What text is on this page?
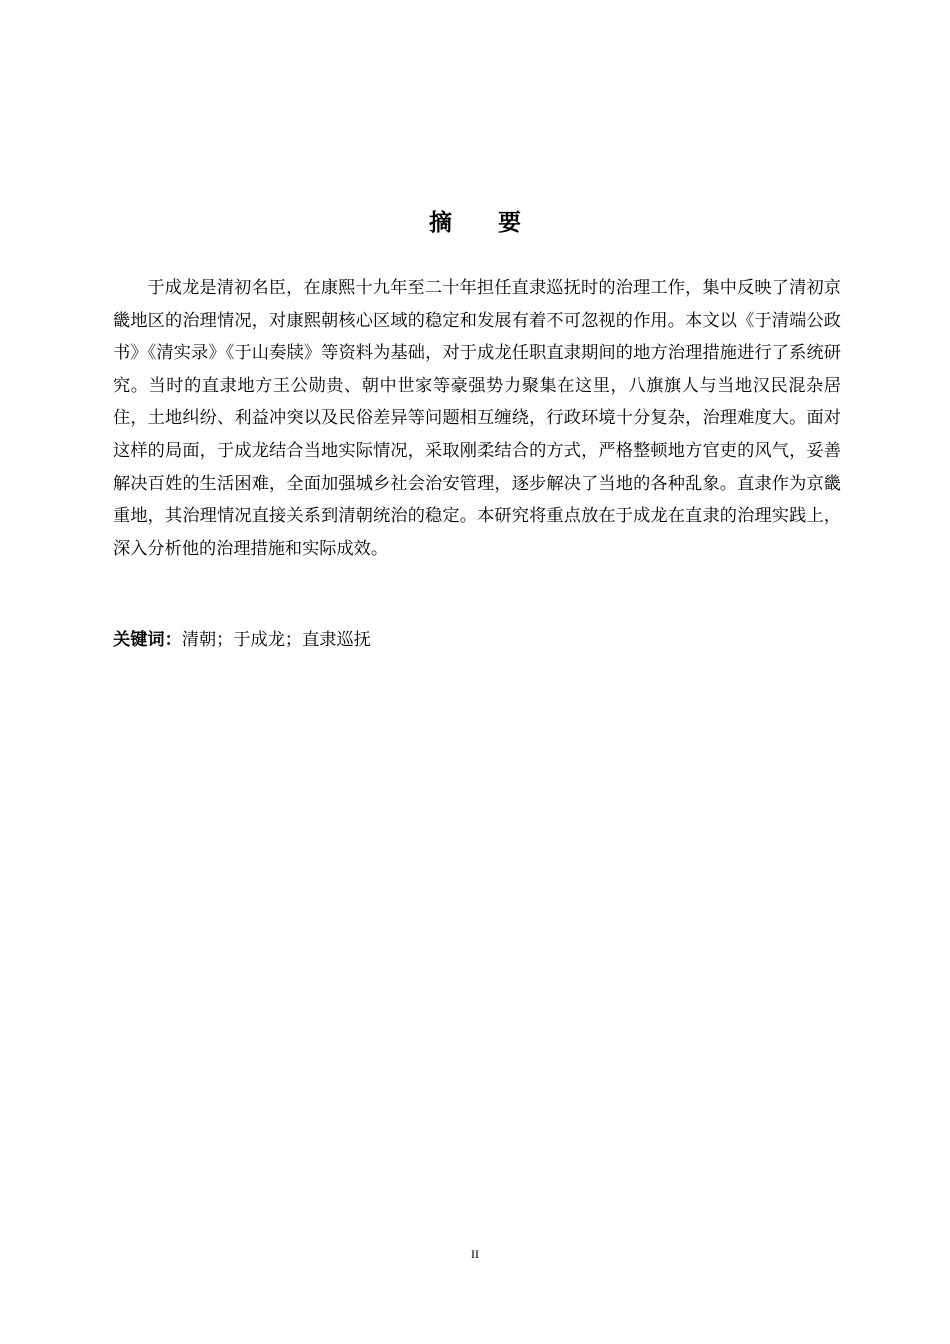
摘 要

于成龙是清初名臣，在康熙十九年至二十年担任直隶巡抚时的治理工作，集中反映了清初京畿地区的治理情况，对康熙朝核心区域的稳定和发展有着不可忽视的作用。本文以《于清端公政书》《清实录》《于山奏牍》等资料为基础，对于成龙任职直隶期间的地方治理措施进行了系统研究。当时的直隶地方王公勋贵、朝中世家等豪强势力聚集在这里，八旗旗人与当地汉民混杂居住，土地纠纷、利益冲突以及民俗差异等问题相互缠绕，行政环境十分复杂，治理难度大。面对这样的局面，于成龙结合当地实际情况，采取刚柔结合的方式，严格整顿地方官吏的风气，妥善解决百姓的生活困难，全面加强城乡社会治安管理，逐步解决了当地的各种乱象。直隶作为京畿重地，其治理情况直接关系到清朝统治的稳定。本研究将重点放在于成龙在直隶的治理实践上，深入分析他的治理措施和实际成效。

关键词：清朝；于成龙；直隶巡抚
II
